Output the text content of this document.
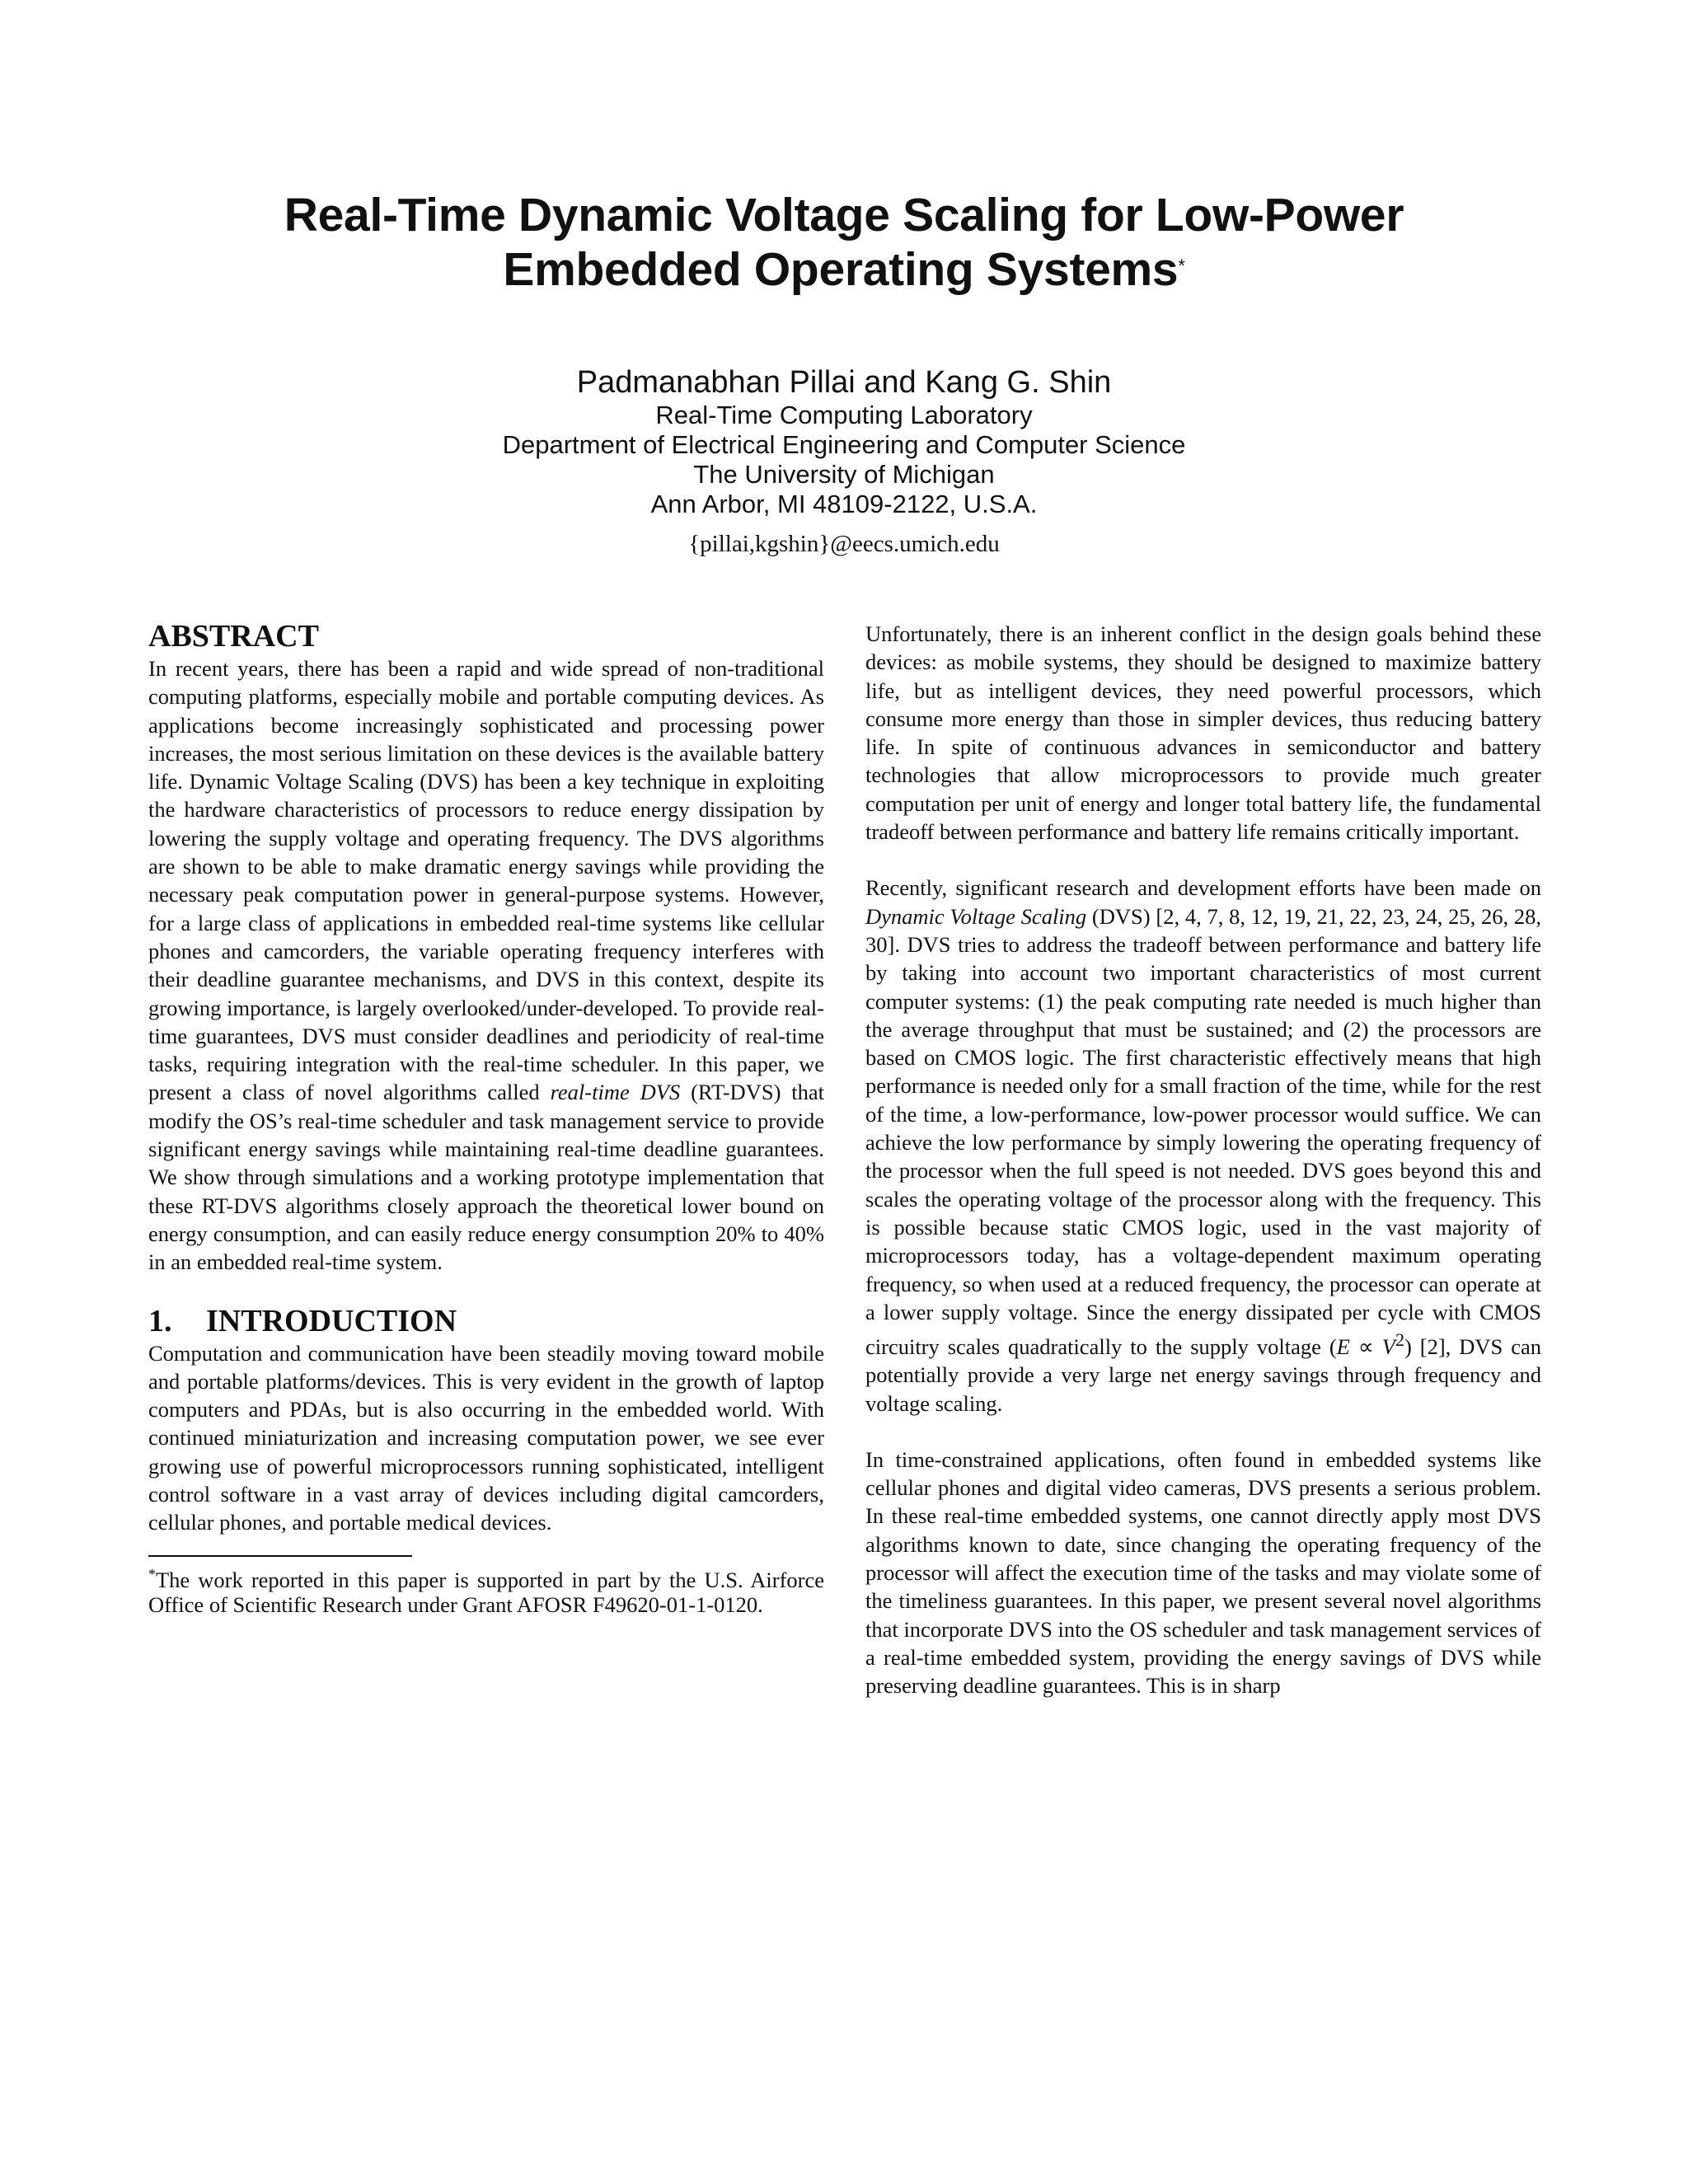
Real-Time Dynamic Voltage Scaling for Low-Power
Embedded Operating Systems*
Padmanabhan Pillai and Kang G. Shin
Real-Time Computing Laboratory
Department of Electrical Engineering and Computer Science
The University of Michigan
Ann Arbor, MI 48109-2122, U.S.A.
{pillai,kgshin}@eecs.umich.edu
ABSTRACT

In recent years, there has been a rapid and wide spread of non-traditional computing platforms, especially mobile and portable computing devices. As applications become increasingly sophisticated and processing power increases, the most serious limitation on these devices is the available battery life. Dynamic Voltage Scaling (DVS) has been a key technique in exploiting the hardware characteristics of processors to reduce energy dissipation by lowering the supply voltage and operating frequency. The DVS algorithms are shown to be able to make dramatic energy savings while providing the necessary peak computation power in general-purpose systems. However, for a large class of applications in embedded real-time systems like cellular phones and camcorders, the variable operating frequency interferes with their deadline guarantee mechanisms, and DVS in this context, despite its growing importance, is largely overlooked/under-developed. To provide real-time guarantees, DVS must consider deadlines and periodicity of real-time tasks, requiring integration with the real-time scheduler. In this paper, we present a class of novel algorithms called real-time DVS (RT-DVS) that modify the OS’s real-time scheduler and task management service to provide significant energy savings while maintaining real-time deadline guarantees. We show through simulations and a working prototype implementation that these RT-DVS algorithms closely approach the theoretical lower bound on energy consumption, and can easily reduce energy consumption 20% to 40% in an embedded real-time system.

1. INTRODUCTION

Computation and communication have been steadily moving toward mobile and portable platforms/devices. This is very evident in the growth of laptop computers and PDAs, but is also occurring in the embedded world. With continued miniaturization and increasing computation power, we see ever growing use of powerful microprocessors running sophisticated, intelligent control software in a vast array of devices including digital camcorders, cellular phones, and portable medical devices.

*The work reported in this paper is supported in part by the U.S. Airforce Office of Scientific Research under Grant AFOSR F49620-01-1-0120.

Unfortunately, there is an inherent conflict in the design goals behind these devices: as mobile systems, they should be designed to maximize battery life, but as intelligent devices, they need powerful processors, which consume more energy than those in simpler devices, thus reducing battery life. In spite of continuous advances in semiconductor and battery technologies that allow microprocessors to provide much greater computation per unit of energy and longer total battery life, the fundamental tradeoff between performance and battery life remains critically important.

Recently, significant research and development efforts have been made on Dynamic Voltage Scaling (DVS) [2, 4, 7, 8, 12, 19, 21, 22, 23, 24, 25, 26, 28, 30]. DVS tries to address the tradeoff between performance and battery life by taking into account two important characteristics of most current computer systems: (1) the peak computing rate needed is much higher than the average throughput that must be sustained; and (2) the processors are based on CMOS logic. The first characteristic effectively means that high performance is needed only for a small fraction of the time, while for the rest of the time, a low-performance, low-power processor would suffice. We can achieve the low performance by simply lowering the operating frequency of the processor when the full speed is not needed. DVS goes beyond this and scales the operating voltage of the processor along with the frequency. This is possible because static CMOS logic, used in the vast majority of microprocessors today, has a voltage-dependent maximum operating frequency, so when used at a reduced frequency, the processor can operate at a lower supply voltage. Since the energy dissipated per cycle with CMOS circuitry scales quadratically to the supply voltage $(E \propto V^2)$ [2], DVS can potentially provide a very large net energy savings through frequency and voltage scaling.

In time-constrained applications, often found in embedded systems like cellular phones and digital video cameras, DVS presents a serious problem. In these real-time embedded systems, one cannot directly apply most DVS algorithms known to date, since changing the operating frequency of the processor will affect the execution time of the tasks and may violate some of the timeliness guarantees. In this paper, we present several novel algorithms that incorporate DVS into the OS scheduler and task management services of a real-time embedded system, providing the energy savings of DVS while preserving deadline guarantees. This is in sharp
